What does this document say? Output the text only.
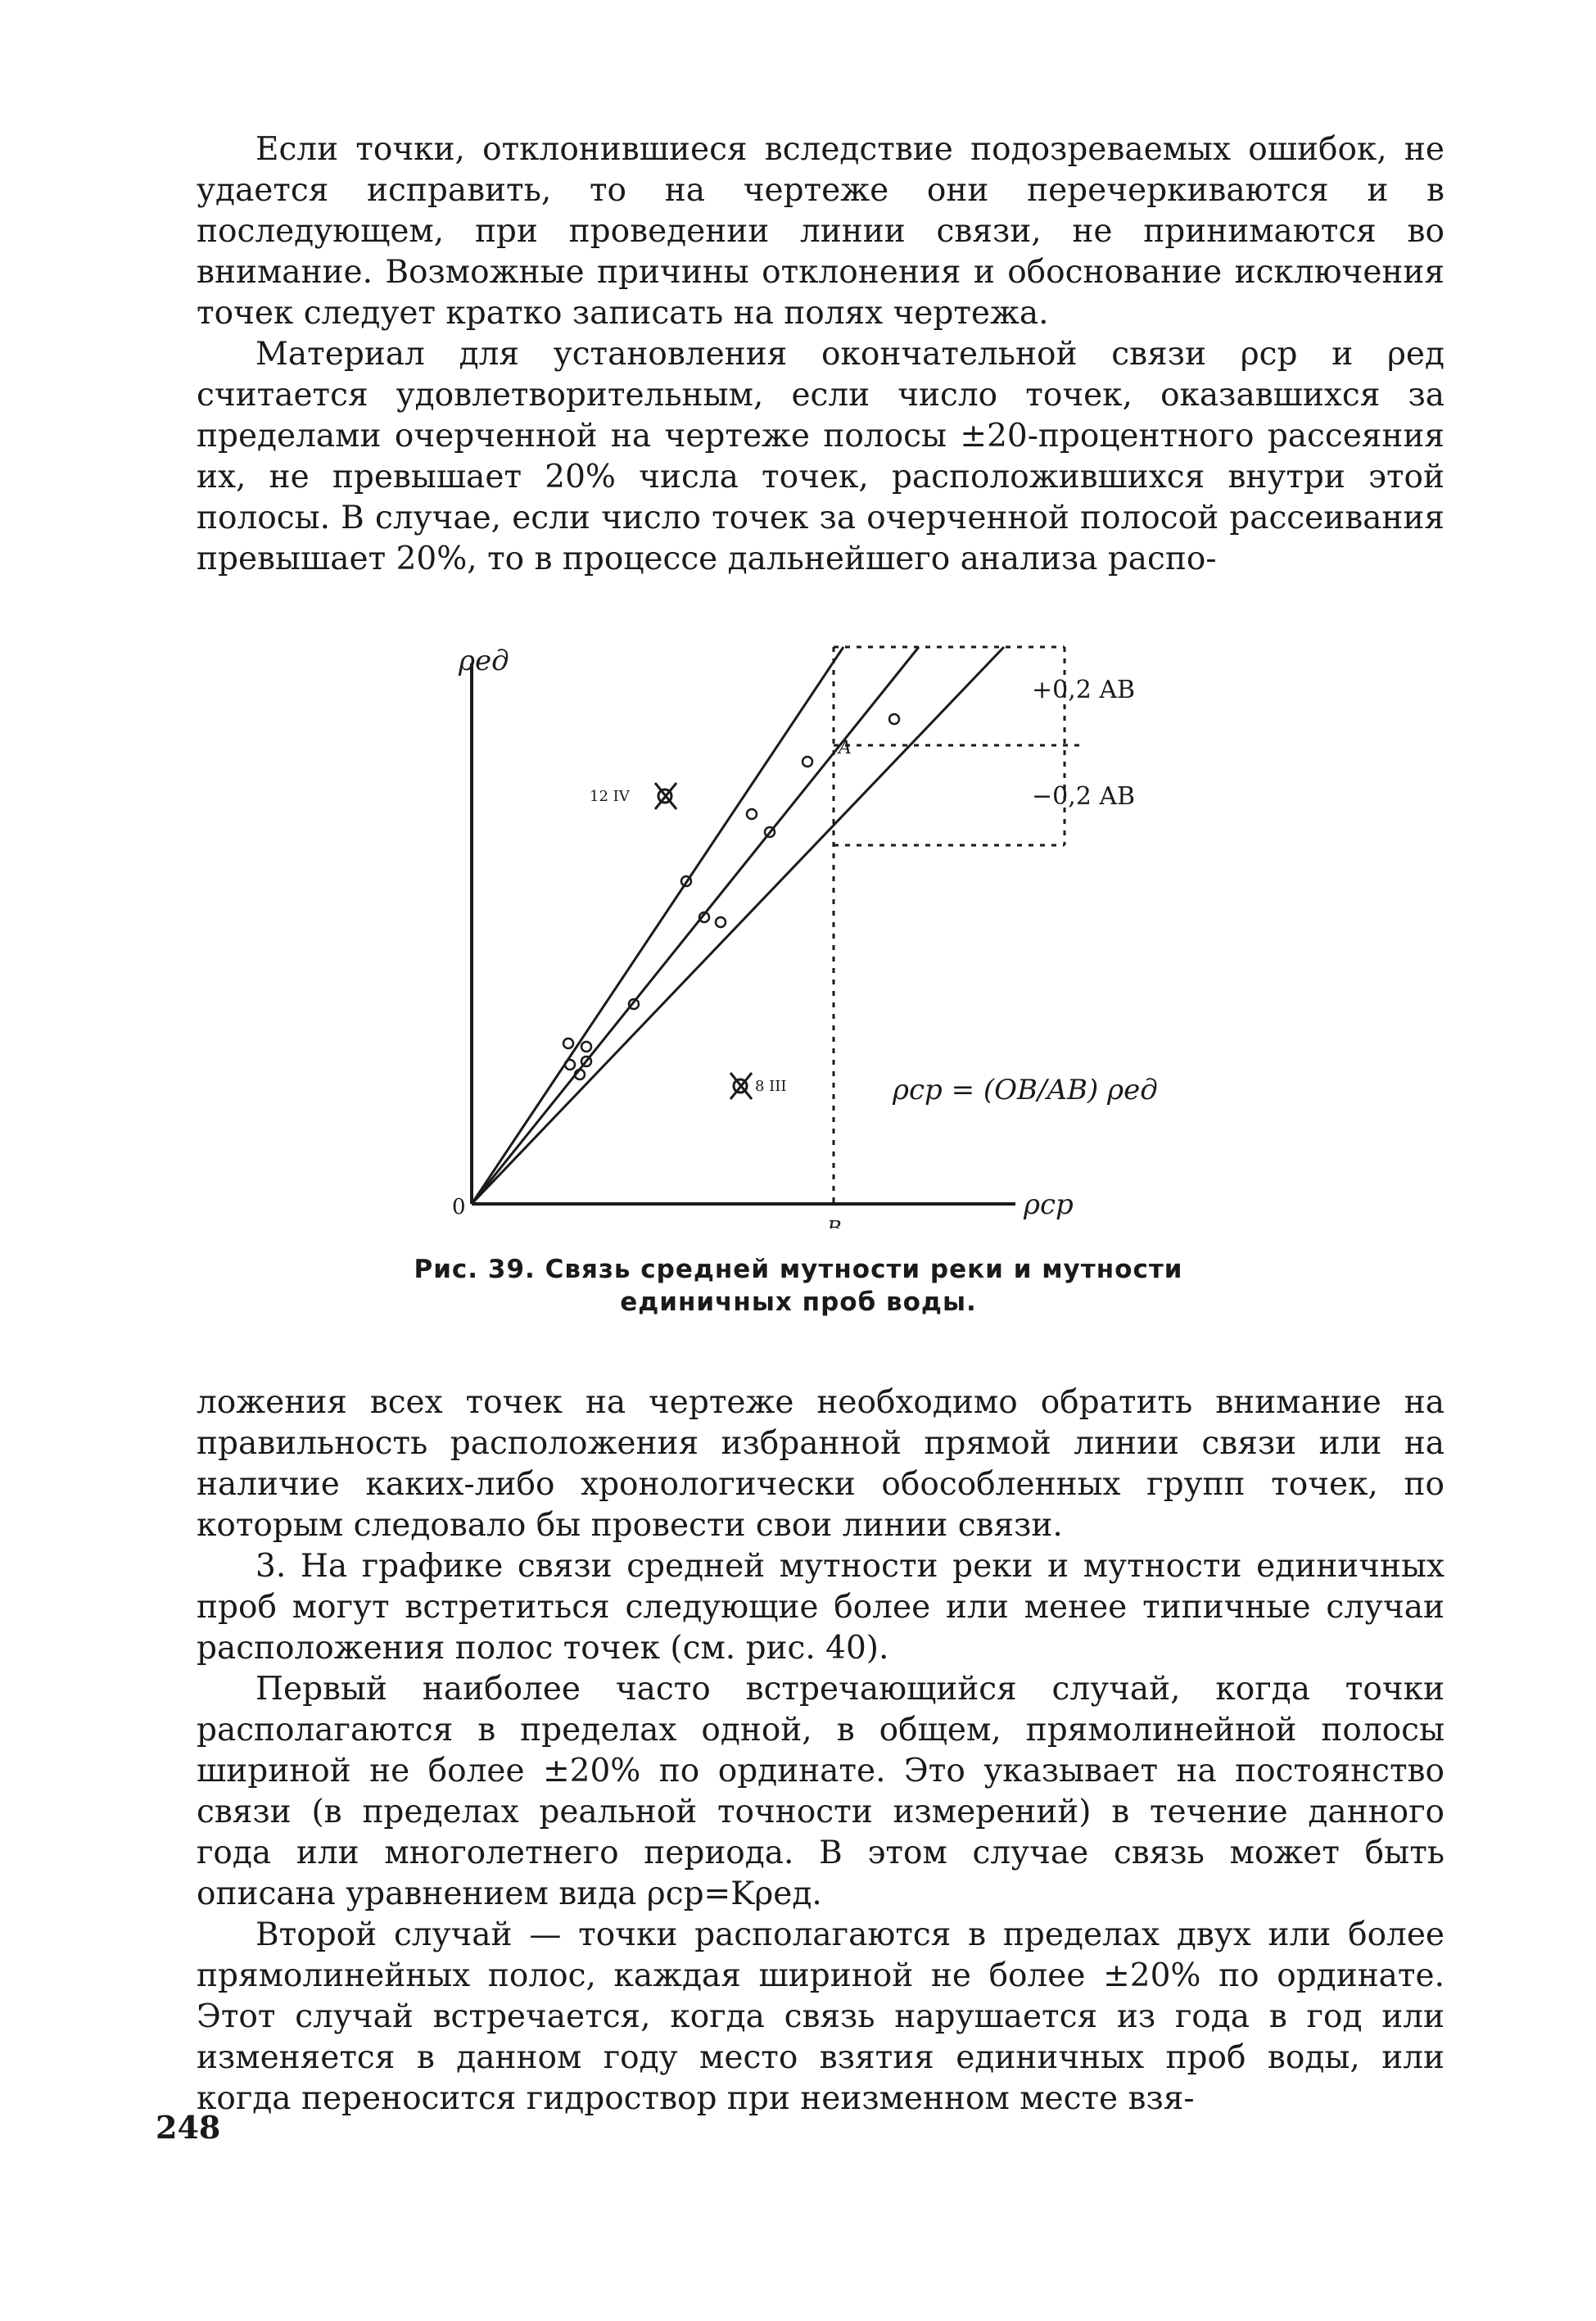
Если точки, отклонившиеся вследствие подозреваемых ошибок, не удается исправить, то на чертеже они перечеркиваются и в последующем, при проведении линии связи, не принимаются во внимание. Возможные причины отклонения и обоснование исключения точек следует кратко записать на полях чертежа.

Материал для установления окончательной связи ρср и ρед считается удовлетворительным, если число точек, оказавшихся за пределами очерченной на чертеже полосы ±20-процентного рассеяния их, не превышает 20% числа точек, расположившихся внутри этой полосы. В случае, если число точек за очерченной полосой рассеивания превышает 20%, то в процессе дальнейшего анализа распо-

ρед
ρср
0
B
A
+0,2 AB
−0,2 AB
12 IV
8 III	ρср = (OB/AB) ρед

Рис. 39. Связь средней мутности реки и мутности единичных проб воды.

ложения всех точек на чертеже необходимо обратить внимание на правильность расположения избранной прямой линии связи или на наличие каких-либо хронологически обособленных групп точек, по которым следовало бы провести свои линии связи.

3. На графике связи средней мутности реки и мутности единичных проб могут встретиться следующие более или менее типичные случаи расположения полос точек (см. рис. 40).

Первый наиболее часто встречающийся случай, когда точки располагаются в пределах одной, в общем, прямолинейной полосы шириной не более ±20% по ординате. Это указывает на постоянство связи (в пределах реальной точности измерений) в течение данного года или многолетнего периода. В этом случае связь может быть описана уравнением вида ρср=Kρед.

Второй случай — точки располагаются в пределах двух или более прямолинейных полос, каждая шириной не более ±20% по ординате. Этот случай встречается, когда связь нарушается из года в год или изменяется в данном году место взятия единичных проб воды, или когда переносится гидроствор при неизменном месте взя-

248
